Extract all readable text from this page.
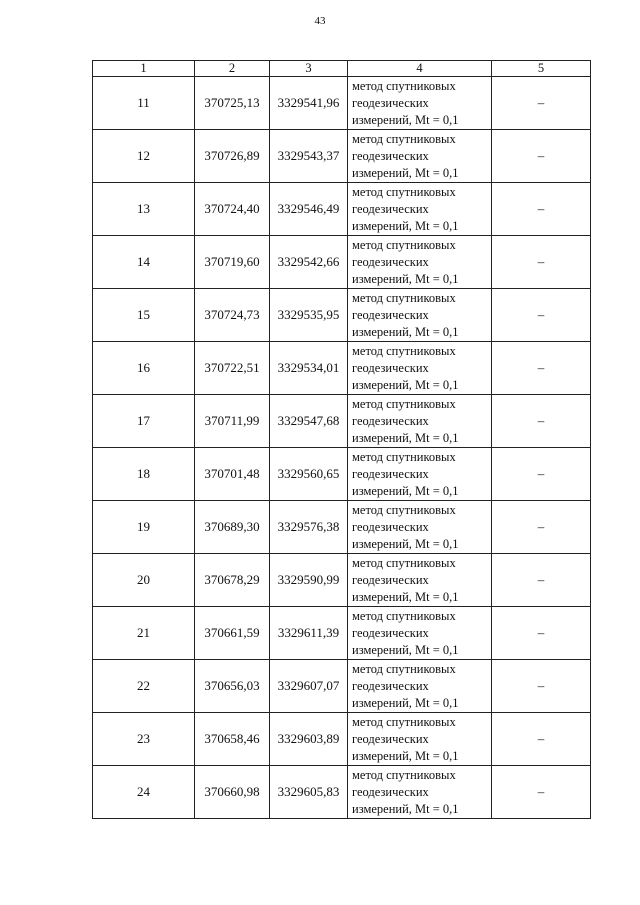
43
1	2	3	4	5
11	370725,13	3329541,96	метод спутниковых
геодезических
измерений, Mt = 0,1	–
12	370726,89	3329543,37	метод спутниковых
геодезических
измерений, Mt = 0,1	–
13	370724,40	3329546,49	метод спутниковых
геодезических
измерений, Mt = 0,1	–
14	370719,60	3329542,66	метод спутниковых
геодезических
измерений, Mt = 0,1	–
15	370724,73	3329535,95	метод спутниковых
геодезических
измерений, Mt = 0,1	–
16	370722,51	3329534,01	метод спутниковых
геодезических
измерений, Mt = 0,1	–
17	370711,99	3329547,68	метод спутниковых
геодезических
измерений, Mt = 0,1	–
18	370701,48	3329560,65	метод спутниковых
геодезических
измерений, Mt = 0,1	–
19	370689,30	3329576,38	метод спутниковых
геодезических
измерений, Mt = 0,1	–
20	370678,29	3329590,99	метод спутниковых
геодезических
измерений, Mt = 0,1	–
21	370661,59	3329611,39	метод спутниковых
геодезических
измерений, Mt = 0,1	–
22	370656,03	3329607,07	метод спутниковых
геодезических
измерений, Mt = 0,1	–
23	370658,46	3329603,89	метод спутниковых
геодезических
измерений, Mt = 0,1	–
24	370660,98	3329605,83	метод спутниковых
геодезических
измерений, Mt = 0,1	–
